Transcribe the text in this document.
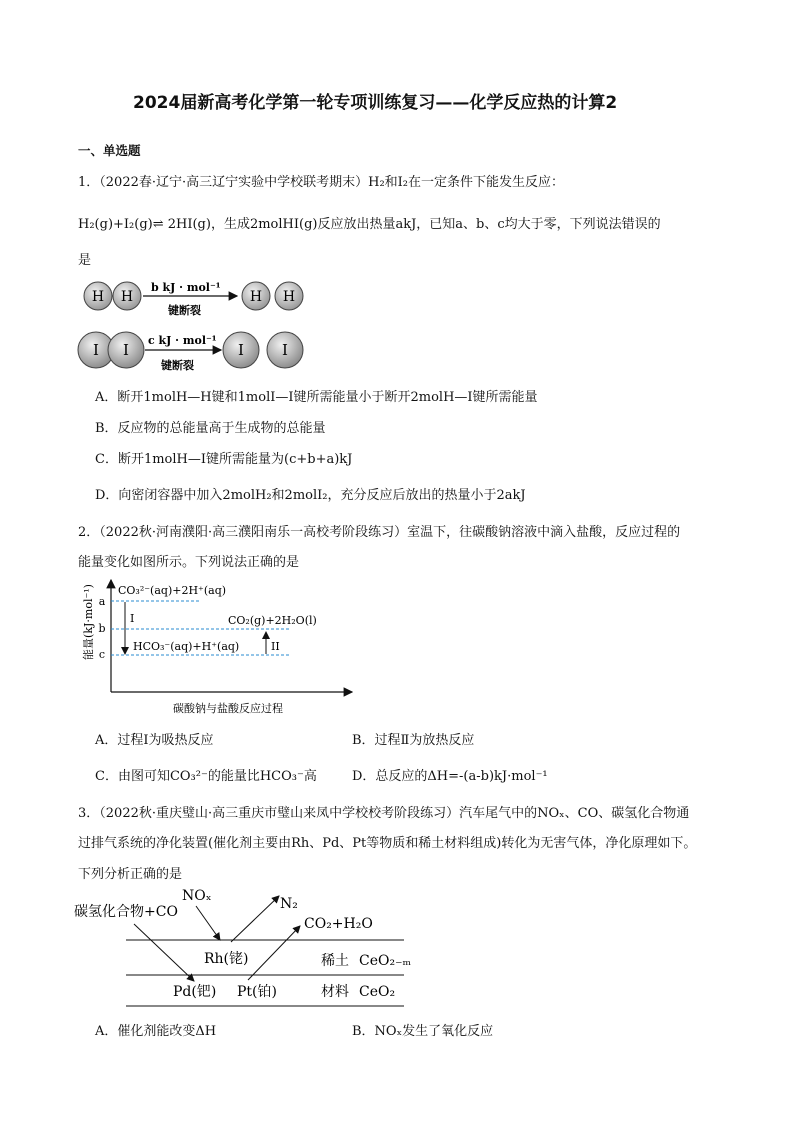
2024届新高考化学第一轮专项训练复习——化学反应热的计算2
一、单选题
1．（2022春·辽宁·高三辽宁实验中学校联考期末）H₂和I₂在一定条件下能发生反应：
H₂(g)+I₂(g)⇌ 2HI(g)，生成2molHI(g)反应放出热量akJ，已知a、b、c均大于零，下列说法错误的
是
H H
b kJ · mol⁻¹
键断裂
H H
I I
c kJ · mol⁻¹
键断裂
I	I
A．断开1molH—H键和1molI—I键所需能量小于断开2molH—I键所需能量
B．反应物的总能量高于生成物的总能量
C．断开1molH—I键所需能量为(c+b+a)kJ
D．向密闭容器中加入2molH₂和2molI₂，充分反应后放出的热量小于2akJ
2．（2022秋·河南濮阳·高三濮阳南乐一高校考阶段练习）室温下，往碳酸钠溶液中滴入盐酸，反应过程的
能量变化如图所示。下列说法正确的是
能量(kJ·mol⁻¹)
碳酸钠与盐酸反应过程
a
b
c
CO₃²⁻(aq)+2H⁺(aq)
CO₂(g)+2H₂O(l)
HCO₃⁻(aq)+H⁺(aq)
I
II
A．过程Ⅰ为吸热反应	B．过程Ⅱ为放热反应
C．由图可知CO₃²⁻的能量比HCO₃⁻高	D．总反应的ΔH=-(a-b)kJ·mol⁻¹
3．（2022秋·重庆璧山·高三重庆市璧山来凤中学校校考阶段练习）汽车尾气中的NOₓ、CO、碳氢化合物通
过排气系统的净化装置(催化剂主要由Rh、Pd、Pt等物质和稀土材料组成)转化为无害气体，净化原理如下。
下列分析正确的是
碳氢化合物+CO
NOₓ	N₂
CO₂+H₂O
Rh(铑)
Pd(钯) Pt(铂)
稀土 CeO₂₋ₘ
材料 CeO₂
A．催化剂能改变ΔH	B．NOₓ发生了氧化反应
